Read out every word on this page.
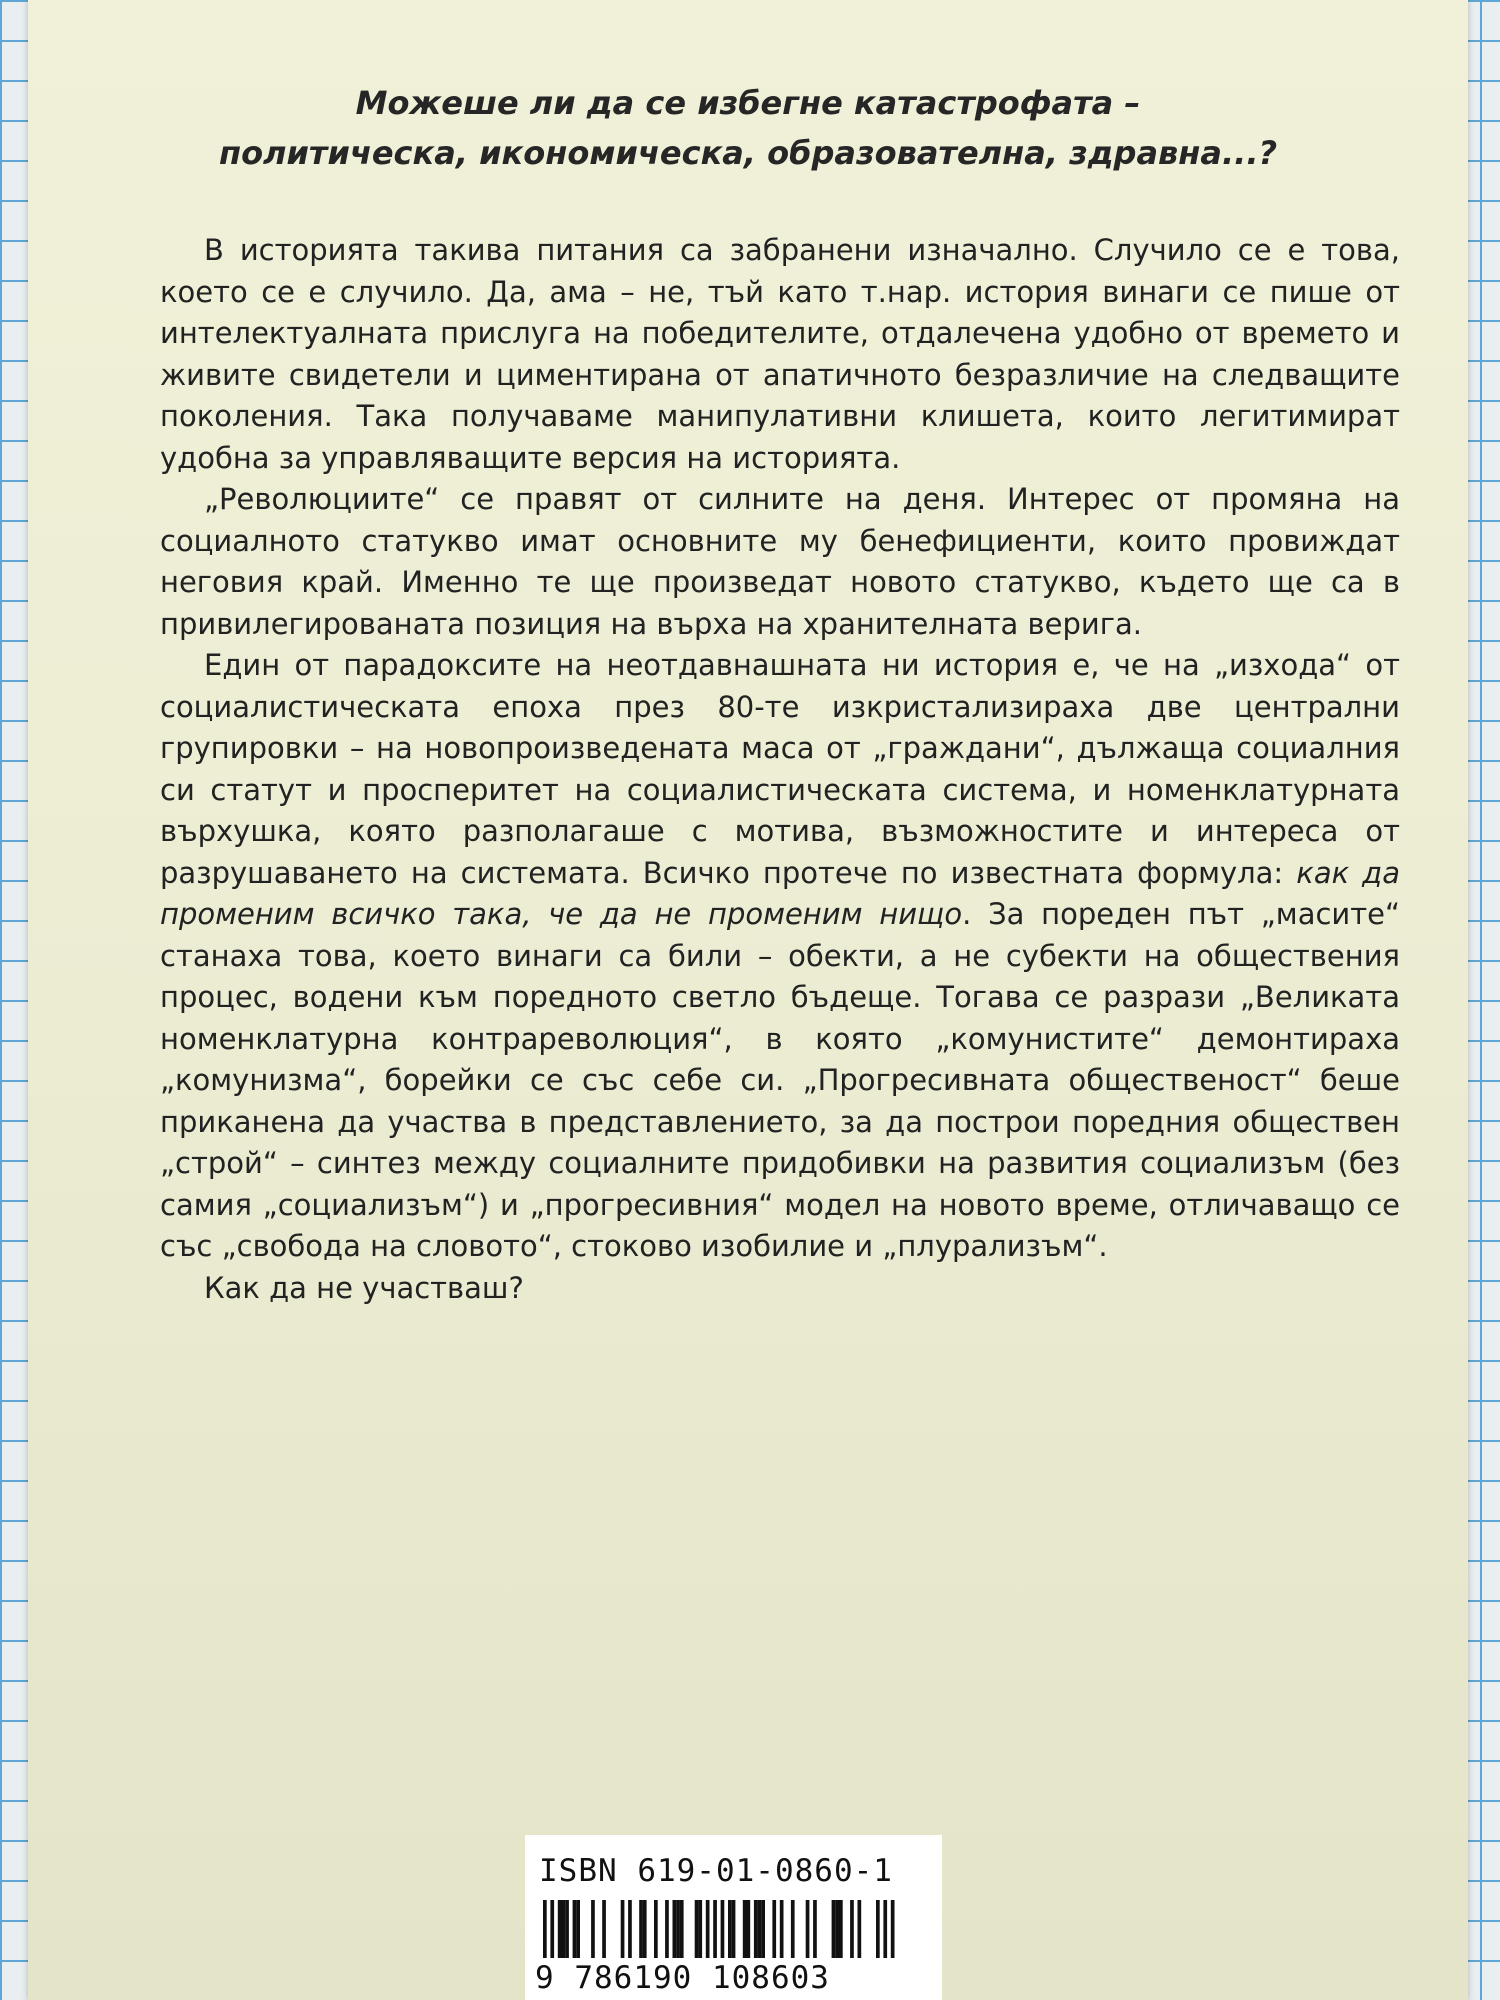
Можеше ли да се избегне катастрофата –
политическа, икономическа, образователна, здравна...?

В историята такива питания са забранени изначално. Случило се е това, което се е случило. Да, ама – не, тъй като т.нар. история винаги се пише от интелектуалната прислуга на победителите, отдалечена удобно от времето и живите свидетели и циментирана от апатичното безразличие на следващите поколения. Така получаваме манипулативни клишета, които легитимират удобна за управляващите версия на историята.

„Революциите“ се правят от силните на деня. Интерес от промяна на социалното статукво имат основните му бенефициенти, които провиждат неговия край. Именно те ще произведат новото статукво, където ще са в привилегированата позиция на върха на хранителната верига.

Един от парадоксите на неотдавнашната ни история е, че на „изхода“ от социалистическата епоха през 80-те изкристализираха две централни групировки – на новопроизведената маса от „граждани“, дължаща социалния си статут и просперитет на социалистическата система, и номенклатурната върхушка, която разполагаше с мотива, възможностите и интереса от разрушаването на системата. Всичко протече по известната формула: как да променим всичко така, че да не променим нищо. За пореден път „масите“ станаха това, което винаги са били – обекти, а не субекти на обществения процес, водени към поредното светло бъдеще. Тогава се разрази „Великата номенклатурна контрареволюция“, в която „комунистите“ демонтираха „комунизма“, борейки се със себе си. „Прогресивната общественост“ беше приканена да участва в представлението, за да построи поредния обществен „строй“ – синтез между социалните придобивки на развития социализъм (без самия „социализъм“) и „прогресивния“ модел на новото време, отличаващо се със „свобода на словото“, стоково изобилие и „плурализъм“.

Как да не участваш?

ISBN 619-01-0860-1
9 786190 108603
